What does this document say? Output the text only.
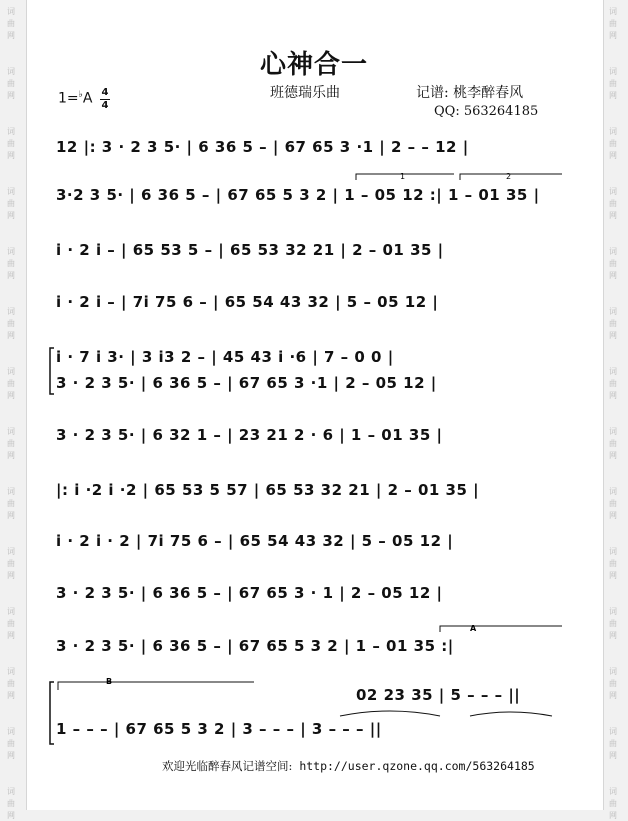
词
曲
网
词
曲
网
词
曲
网
词
曲
网
词
曲
网
词
曲
网
词
曲
网
词
曲
网
词
曲
网
词
曲
网
词
曲
网
词
曲
网
词
曲
网
词
曲
网
词
曲
网
词
曲
网
词
曲
网
词
曲
网
词
曲
网
词
曲
网
词
曲
网
词
曲
网
词
曲
网
词
曲
网
词
曲
网
词
曲
网
词
曲
网
词
曲
网
心神合一
1=♭A 4
4
班德瑞乐曲	记谱: 桃李醉春风
QQ: 563264185
12 |: 3 · 2 3 5· | 6 36 5 – | 67 65 3 ·1 | 2 – – 12 |
3·2 3 5· | 6 36 5 – | 67 65 5 3 2 | 1 – 05 12 :| 1 – 01 35 |
i · 2 i – | 65 53 5 – | 65 53 32 21 | 2 – 01 35 |
i · 2 i – | 7i 75 6 – | 65 54 43 32 | 5 – 05 12 |
i · 7 i 3· | 3 i3 2 – | 45 43 i ·6 | 7 – 0 0 |
3 · 2 3 5· | 6 36 5 – | 67 65 3 ·1 | 2 – 05 12 |
3 · 2 3 5· | 6 32 1 – | 23 21 2 · 6 | 1 – 01 35 |
|: i ·2 i ·2 | 65 53 5 57 | 65 53 32 21 | 2 – 01 35 |
i · 2 i · 2 | 7i 75 6 – | 65 54 43 32 | 5 – 05 12 |
3 · 2 3 5· | 6 36 5 – | 67 65 3 · 1 | 2 – 05 12 |
3 · 2 3 5· | 6 36 5 – | 67 65 5 3 2 | 1 – 01 35 :|
02 23 35 | 5 – – – ||
1 – – – | 67 65 5 3 2 | 3 – – – | 3 – – – ||
1	2
A
B
欢迎光临醉春风记谱空间: http://user.qzone.qq.com/563264185
